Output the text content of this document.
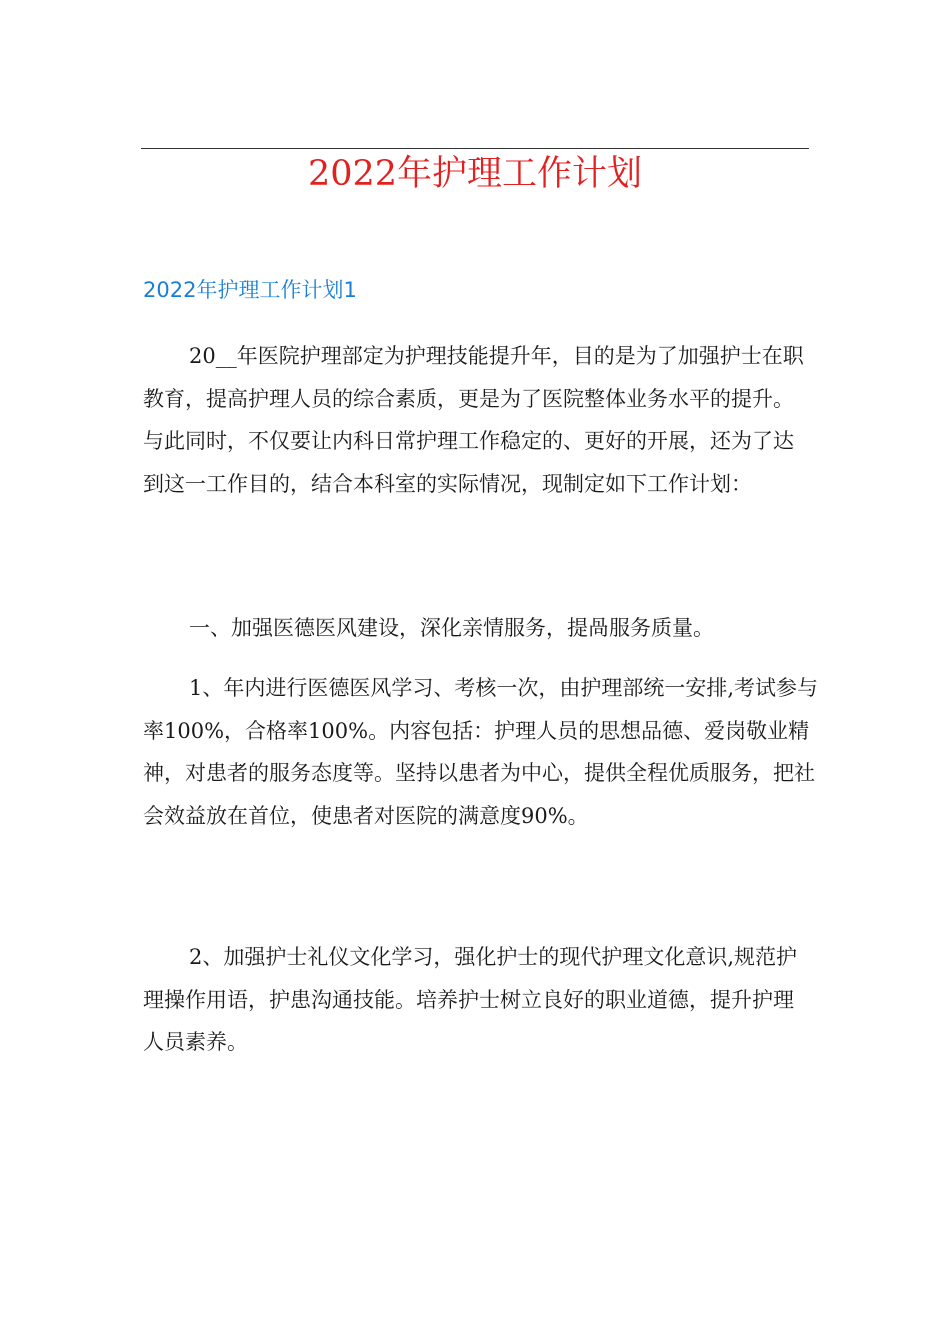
2022年护理工作计划
2022年护理工作计划1

20__年医院护理部定为护理技能提升年，目的是为了加强护士在职教育，提高护理人员的综合素质，更是为了医院整体业务水平的提升。与此同时，不仅要让内科日常护理工作稳定的、更好的开展，还为了达到这一工作目的，结合本科室的实际情况，现制定如下工作计划：

一、加强医德医风建设，深化亲情服务，提咼服务质量。

1、年内进行医德医风学习、考核一次，由护理部统一安排,考试参与率100%，合格率100%。内容包括：护理人员的思想品德、爱岗敬业精神，对患者的服务态度等。坚持以患者为中心，提供全程优质服务，把社会效益放在首位，使患者对医院的满意度90%。

2、加强护士礼仪文化学习，强化护士的现代护理文化意识,规范护理操作用语，护患沟通技能。培养护士树立良好的职业道德，提升护理人员素养。
